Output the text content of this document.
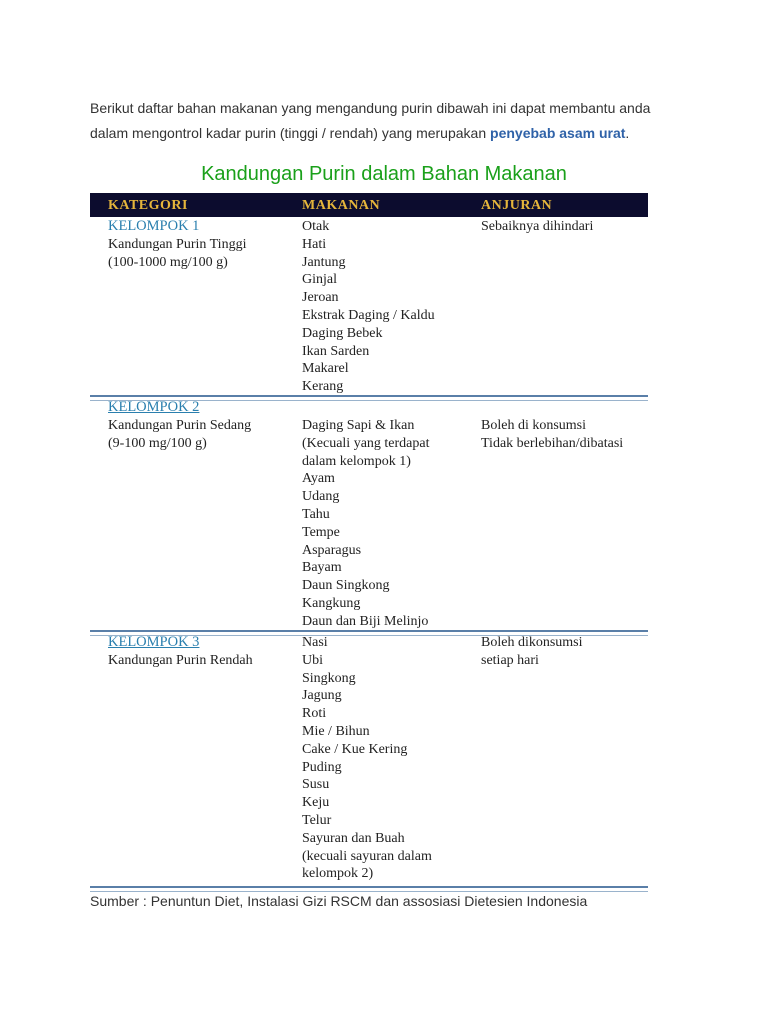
Berikut daftar bahan makanan yang mengandung purin dibawah ini dapat membantu anda
dalam mengontrol kadar purin (tinggi / rendah) yang merupakan penyebab asam urat.
Kandungan Purin dalam Bahan Makanan
KATEGORI	MAKANAN	ANJURAN
KELOMPOK 1
Kandungan Purin Tinggi
(100-1000 mg/100 g)
Otak
Hati
Jantung
Ginjal
Jeroan
Ekstrak Daging / Kaldu
Daging Bebek
Ikan Sarden
Makarel
Kerang
Sebaiknya dihindari
KELOMPOK 2
Kandungan Purin Sedang
(9-100 mg/100 g)
Daging Sapi & Ikan
(Kecuali yang terdapat
dalam kelompok 1)
Ayam
Udang
Tahu
Tempe
Asparagus
Bayam
Daun Singkong
Kangkung
Daun dan Biji Melinjo
Boleh di konsumsi
Tidak berlebihan/dibatasi
KELOMPOK 3
Kandungan Purin Rendah
Nasi
Ubi
Singkong
Jagung
Roti
Mie / Bihun
Cake / Kue Kering
Puding
Susu
Keju
Telur
Sayuran dan Buah
(kecuali sayuran dalam
kelompok 2)
Boleh dikonsumsi
setiap hari
Sumber : Penuntun Diet, Instalasi Gizi RSCM dan assosiasi Dietesien Indonesia
